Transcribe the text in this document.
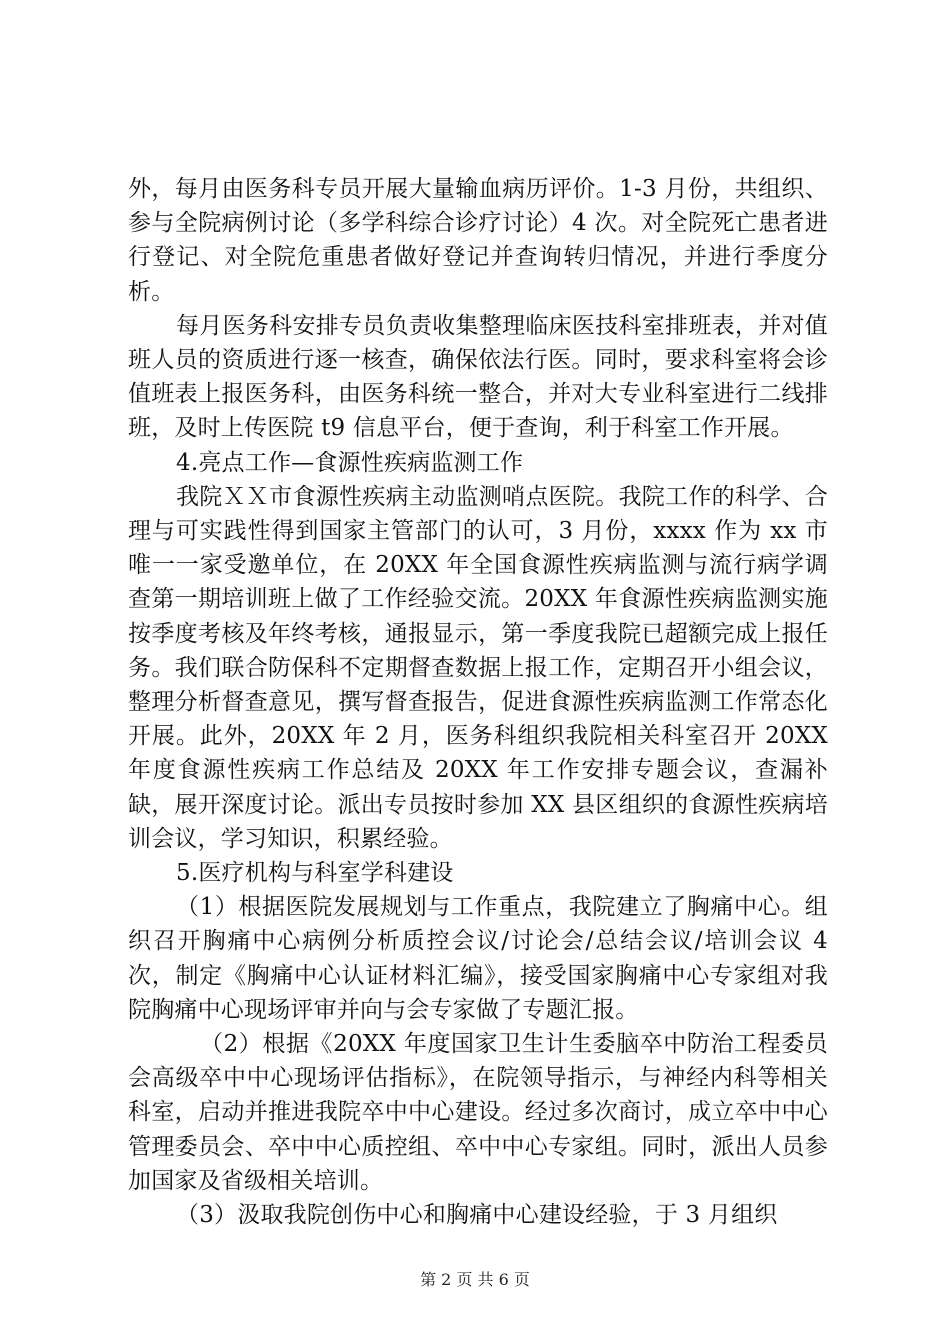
外，每月由医务科专员开展大量输血病历评价。1-3 月份，共组织、参与全院病例讨论（多学科综合诊疗讨论）4 次。对全院死亡患者进行登记、对全院危重患者做好登记并查询转归情况，并进行季度分析。

每月医务科安排专员负责收集整理临床医技科室排班表，并对值班人员的资质进行逐一核查，确保依法行医。同时，要求科室将会诊值班表上报医务科，由医务科统一整合，并对大专业科室进行二线排班，及时上传医院 t9 信息平台，便于查询，利于科室工作开展。

4.亮点工作—食源性疾病监测工作

我院ＸＸ市食源性疾病主动监测哨点医院。我院工作的科学、合理与可实践性得到国家主管部门的认可，3 月份，xxxx 作为 xx 市唯一一家受邀单位，在 20XX 年全国食源性疾病监测与流行病学调查第一期培训班上做了工作经验交流。20XX 年食源性疾病监测实施按季度考核及年终考核，通报显示，第一季度我院已超额完成上报任务。我们联合防保科不定期督查数据上报工作，定期召开小组会议，整理分析督查意见，撰写督查报告，促进食源性疾病监测工作常态化开展。此外，20XX 年 2 月，医务科组织我院相关科室召开 20XX 年度食源性疾病工作总结及 20XX 年工作安排专题会议，查漏补缺，展开深度讨论。派出专员按时参加 XX 县区组织的食源性疾病培训会议，学习知识，积累经验。

5.医疗机构与科室学科建设

（1）根据医院发展规划与工作重点，我院建立了胸痛中心。组织召开胸痛中心病例分析质控会议/讨论会/总结会议/培训会议 4 次，制定《胸痛中心认证材料汇编》，接受国家胸痛中心专家组对我院胸痛中心现场评审并向与会专家做了专题汇报。

（2）根据《20XX 年度国家卫生计生委脑卒中防治工程委员会高级卒中中心现场评估指标》，在院领导指示，与神经内科等相关科室，启动并推进我院卒中中心建设。经过多次商讨，成立卒中中心管理委员会、卒中中心质控组、卒中中心专家组。同时，派出人员参加国家及省级相关培训。

（3）汲取我院创伤中心和胸痛中心建设经验，于 3 月组织

第 2 页 共 6 页
